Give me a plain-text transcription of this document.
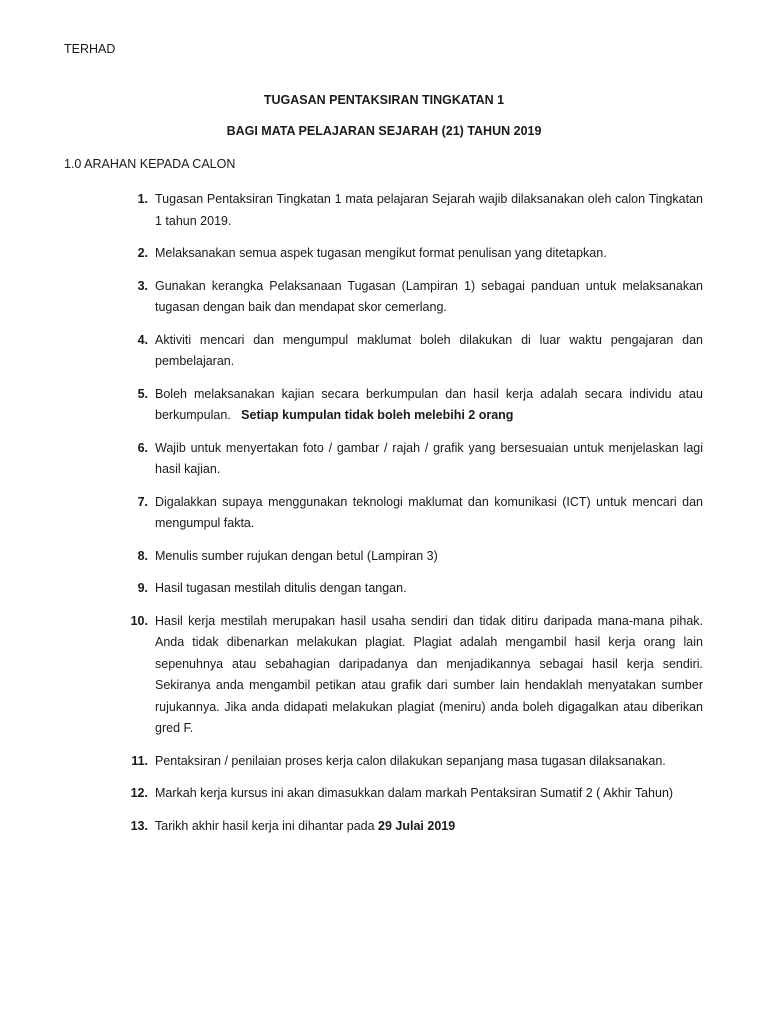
TERHAD
TUGASAN PENTAKSIRAN TINGKATAN 1
BAGI MATA PELAJARAN SEJARAH (21) TAHUN 2019
1.0 ARAHAN KEPADA CALON
1. Tugasan Pentaksiran Tingkatan 1 mata pelajaran Sejarah wajib dilaksanakan oleh calon Tingkatan 1 tahun 2019.
2. Melaksanakan semua aspek tugasan mengikut format penulisan yang ditetapkan.
3. Gunakan kerangka Pelaksanaan Tugasan (Lampiran 1) sebagai panduan untuk melaksanakan tugasan dengan baik dan mendapat skor cemerlang.
4. Aktiviti mencari dan mengumpul maklumat boleh dilakukan di luar waktu pengajaran dan pembelajaran.
5. Boleh melaksanakan kajian secara berkumpulan dan hasil kerja adalah secara individu atau berkumpulan. Setiap kumpulan tidak boleh melebihi 2 orang
6. Wajib untuk menyertakan foto / gambar / rajah / grafik yang bersesuaian untuk menjelaskan lagi hasil kajian.
7. Digalakkan supaya menggunakan teknologi maklumat dan komunikasi (ICT) untuk mencari dan mengumpul fakta.
8. Menulis sumber rujukan dengan betul (Lampiran 3)
9. Hasil tugasan mestilah ditulis dengan tangan.
10. Hasil kerja mestilah merupakan hasil usaha sendiri dan tidak ditiru daripada mana-mana pihak. Anda tidak dibenarkan melakukan plagiat. Plagiat adalah mengambil hasil kerja orang lain sepenuhnya atau sebahagian daripadanya dan menjadikannya sebagai hasil kerja sendiri. Sekiranya anda mengambil petikan atau grafik dari sumber lain hendaklah menyatakan sumber rujukannya. Jika anda didapati melakukan plagiat (meniru) anda boleh digagalkan atau diberikan gred F.
11. Pentaksiran / penilaian proses kerja calon dilakukan sepanjang masa tugasan dilaksanakan.
12. Markah kerja kursus ini akan dimasukkan dalam markah Pentaksiran Sumatif 2 ( Akhir Tahun)
13. Tarikh akhir hasil kerja ini dihantar pada 29 Julai 2019
